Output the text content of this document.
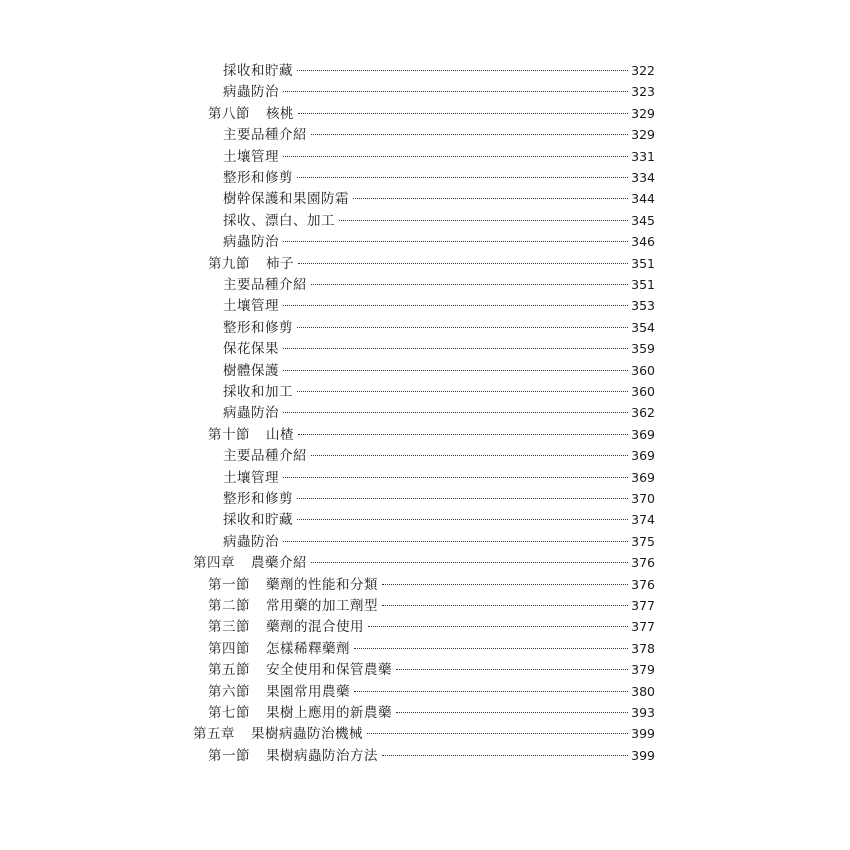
採收和貯藏	322
病蟲防治	323
第八節 核桃	329
主要品種介紹	329
土壤管理	331
整形和修剪	334
樹幹保護和果園防霜	344
採收、漂白、加工	345
病蟲防治	346
第九節 柿子	351
主要品種介紹	351
土壤管理	353
整形和修剪	354
保花保果	359
樹體保護	360
採收和加工	360
病蟲防治	362
第十節 山楂	369
主要品種介紹	369
土壤管理	369
整形和修剪	370
採收和貯藏	374
病蟲防治	375
第四章 農藥介紹	376
第一節 藥劑的性能和分類	376
第二節 常用藥的加工劑型	377
第三節 藥劑的混合使用	377
第四節 怎樣稀釋藥劑	378
第五節 安全使用和保管農藥	379
第六節 果園常用農藥	380
第七節 果樹上應用的新農藥	393
第五章 果樹病蟲防治機械	399
第一節 果樹病蟲防治方法	399
